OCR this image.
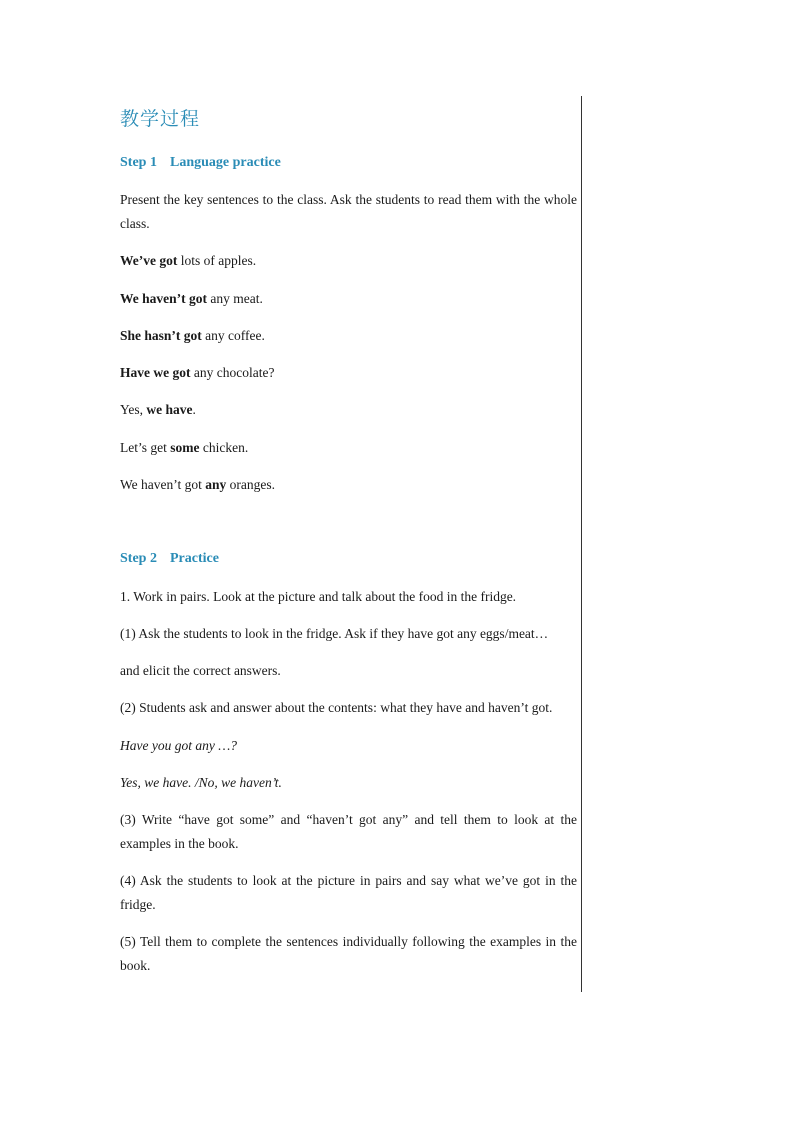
教学过程
Step 1 Language practice
Present the key sentences to the class. Ask the students to read them with the whole class.
We’ve got lots of apples.
We haven’t got any meat.
She hasn’t got any coffee.
Have we got any chocolate?
Yes, we have.
Let’s get some chicken.
We haven’t got any oranges.
Step 2 Practice
1. Work in pairs. Look at the picture and talk about the food in the fridge.
(1) Ask the students to look in the fridge. Ask if they have got any eggs/meat…
and elicit the correct answers.
(2) Students ask and answer about the contents: what they have and haven’t got.
Have you got any …?
Yes, we have. /No, we haven’t.
(3) Write “have got some” and “haven’t got any” and tell them to look at the examples in the book.
(4) Ask the students to look at the picture in pairs and say what we’ve got in the fridge.
(5) Tell them to complete the sentences individually following the examples in the book.
